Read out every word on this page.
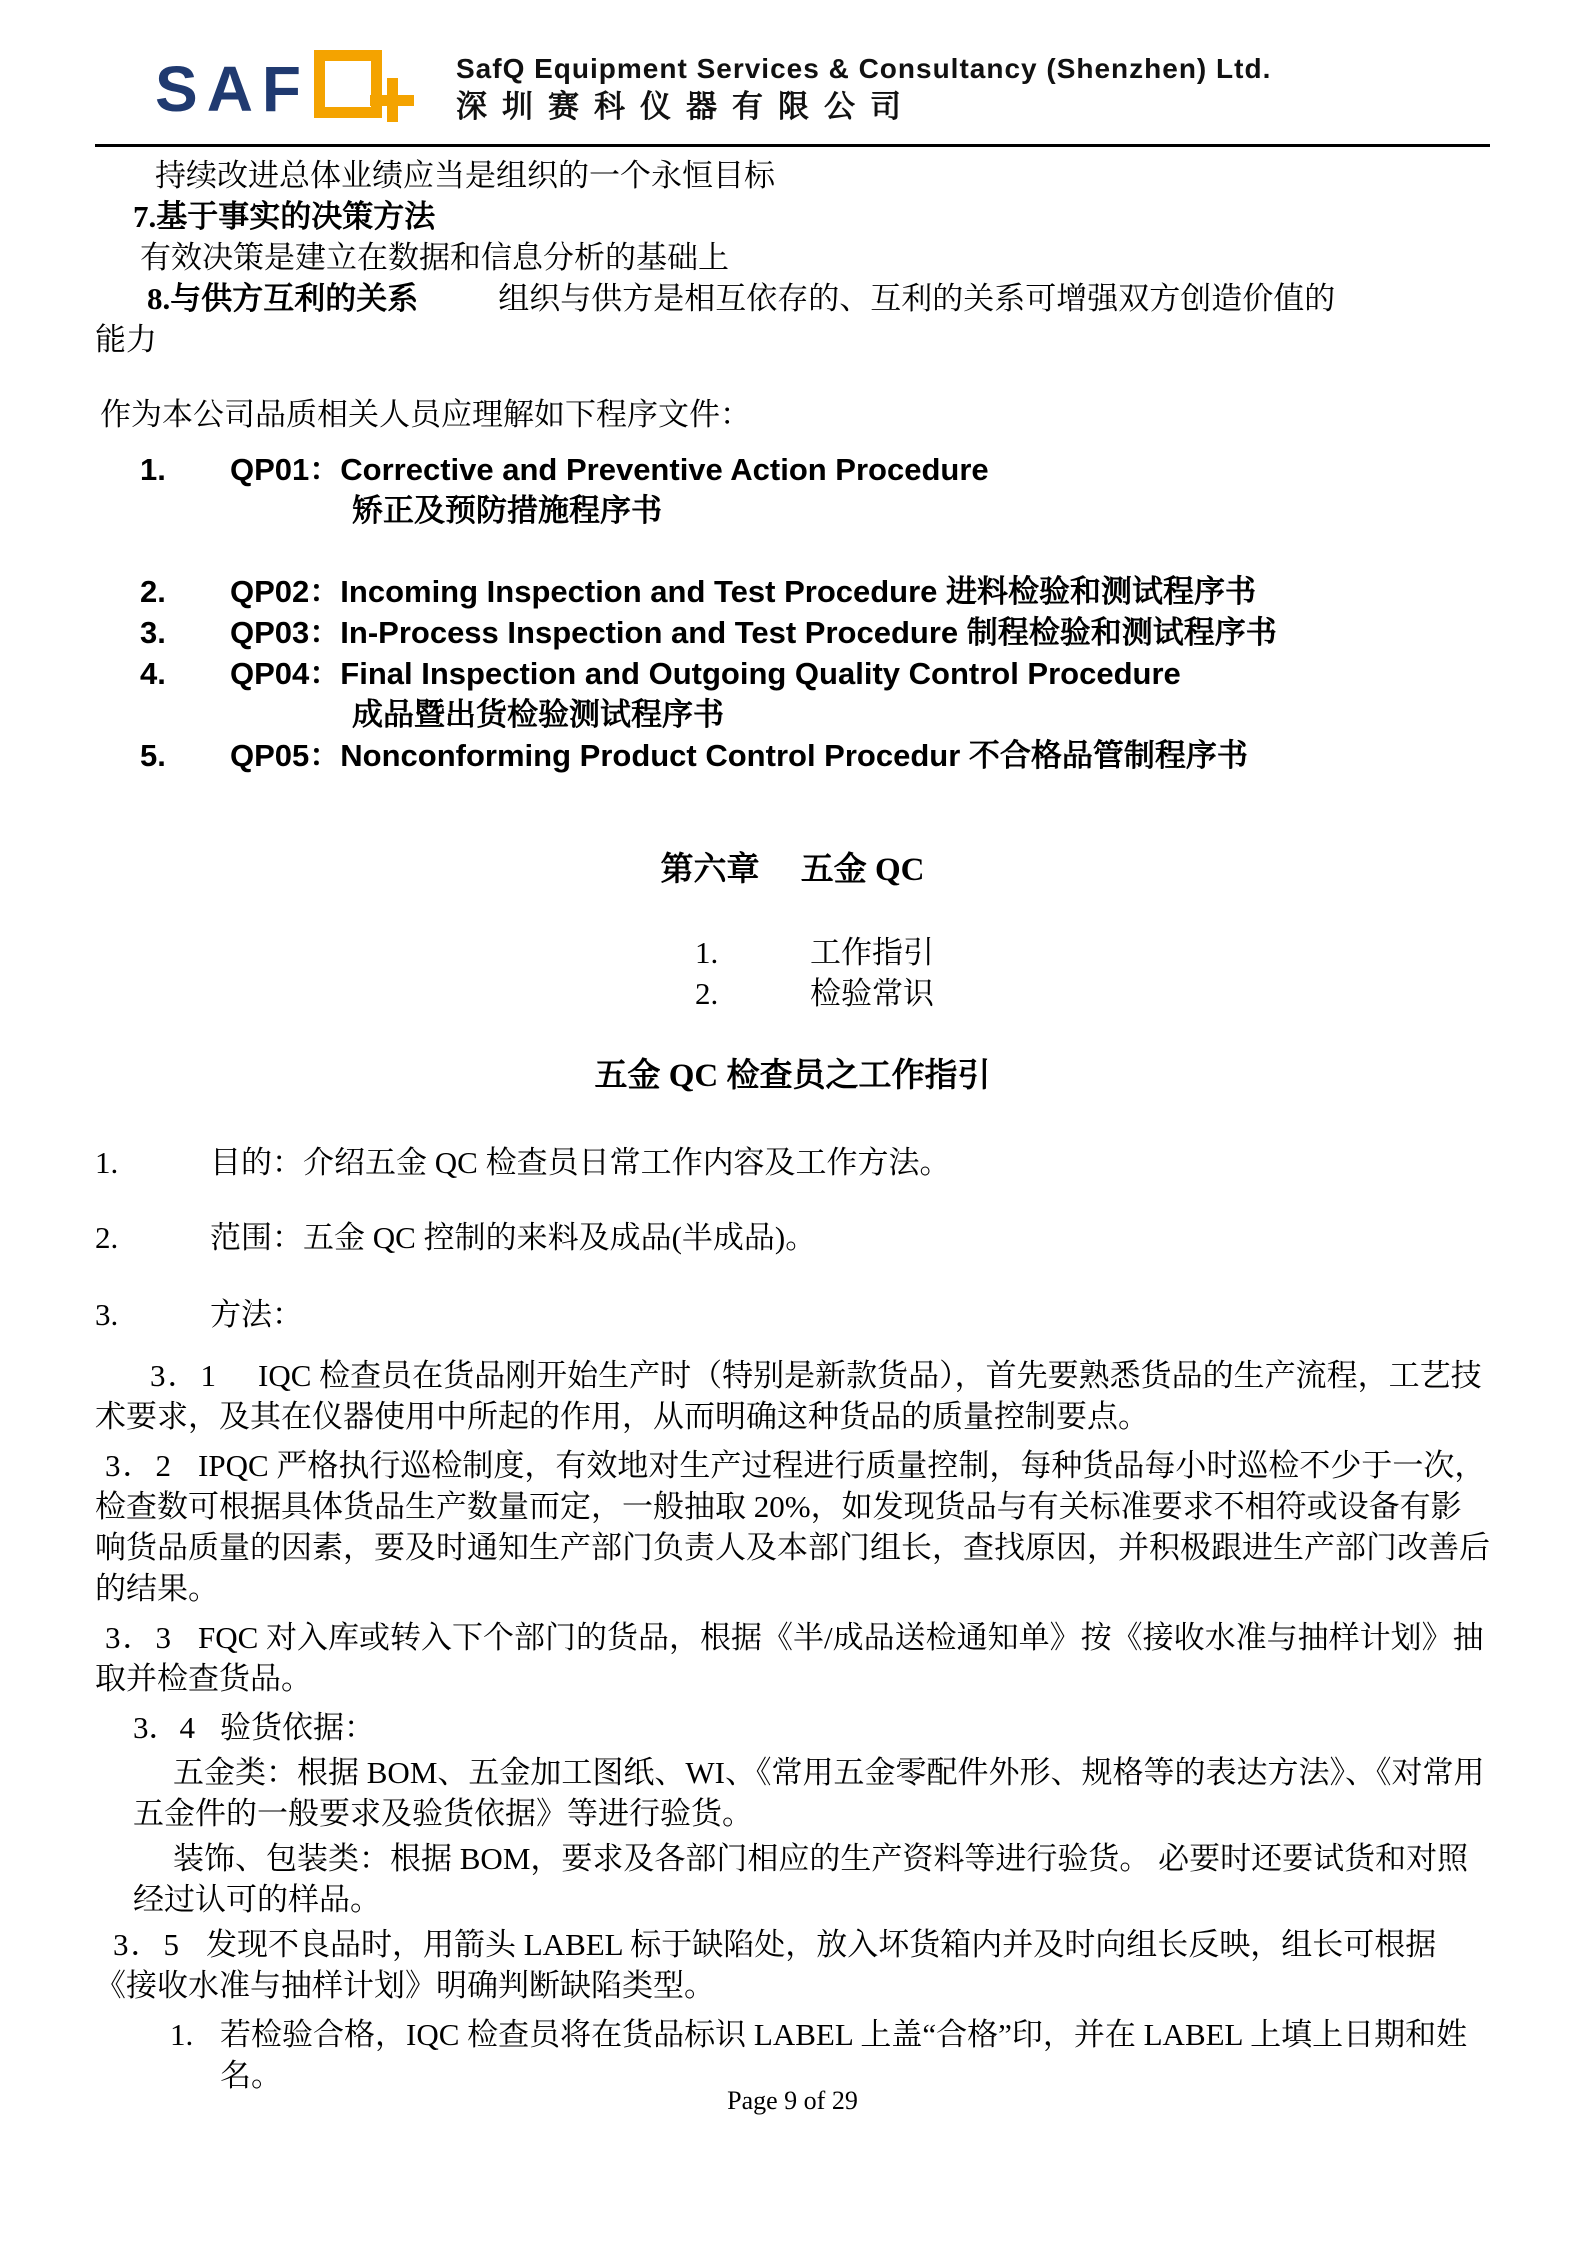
SAF	SafQ Equipment Services & Consultancy (Shenzhen) Ltd.
深圳赛科仪器有限公司

持续改进总体业绩应当是组织的一个永恒目标

7.基于事实的决策方法

有效决策是建立在数据和信息分析的基础上

8.与供方互利的关系	组织与供方是相互依存的、互利的关系可增强双方创造价值的

能力

作为本公司品质相关人员应理解如下程序文件：

1.	QP01：Corrective and Preventive Action Procedure
矫正及预防措施程序书
2.	QP02：Incoming Inspection and Test Procedure 进料检验和测试程序书
3.	QP03：In-Process Inspection and Test Procedure 制程检验和测试程序书
4.	QP04：Final Inspection and Outgoing Quality Control Procedure
成品暨出货检验测试程序书
5.	QP05：Nonconforming Product Control Procedur 不合格品管制程序书
第六章　 五金 QC
1.	工作指引
2.	检验常识
五金 QC 检查员之工作指引
1.	目的：介绍五金 QC 检查员日常工作内容及工作方法。
2.	范围：五金 QC 控制的来料及成品(半成品)。
3.	方法：

3．1 IQC 检查员在货品刚开始生产时（特别是新款货品），首先要熟悉货品的生产流程，工艺技术要求，及其在仪器使用中所起的作用，从而明确这种货品的质量控制要点。

3．2 IPQC 严格执行巡检制度，有效地对生产过程进行质量控制，每种货品每小时巡检不少于一次，检查数可根据具体货品生产数量而定，一般抽取 20%，如发现货品与有关标准要求不相符或设备有影响货品质量的因素，要及时通知生产部门负责人及本部门组长，查找原因，并积极跟进生产部门改善后的结果。

3．3 FQC 对入库或转入下个部门的货品，根据《半/成品送检通知单》按《接收水准与抽样计划》抽取并检查货品。

3．4 验货依据：

五金类：根据 BOM、五金加工图纸、WI、《常用五金零配件外形、规格等的表达方法》、《对常用五金件的一般要求及验货依据》等进行验货。

装饰、包装类：根据 BOM，要求及各部门相应的生产资料等进行验货。 必要时还要试货和对照经过认可的样品。

3．5 发现不良品时，用箭头 LABEL 标于缺陷处，放入坏货箱内并及时向组长反映，组长可根据《接收水准与抽样计划》明确判断缺陷类型。

1. 若检验合格，IQC 检查员将在货品标识 LABEL 上盖“合格”印，并在 LABEL 上填上日期和姓名。
Page 9 of 29
